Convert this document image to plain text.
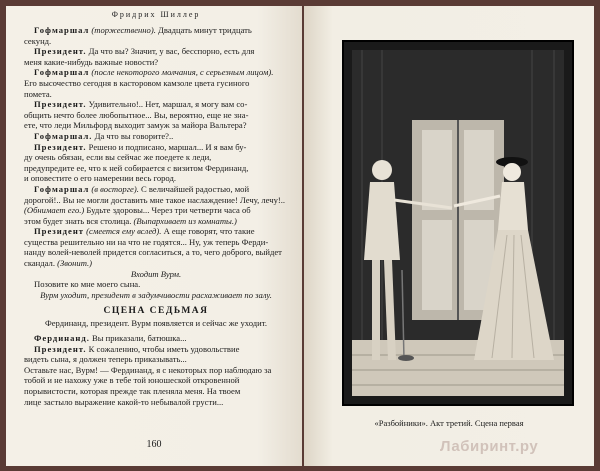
Фридрих Шиллер
Гофмаршал (торжественно). Двадцать минут тридцать
секунд.
Президент. Да что вы? Значит, у вас, бесспорно, есть для
меня какие-нибудь важные новости?
Гофмаршал (после некоторого молчания, с серьезным лицом).
Его высочество сегодня в касторовом камзоле цвета гусиного
помета.
Президент. Удивительно!.. Нет, маршал, я могу вам со-
общить нечто более любопытное... Вы, вероятно, еще не зна-
ете, что леди Мильфорд выходит замуж за майора Вальтера?
Гофмаршал. Да что вы говорите?..
Президент. Решено и подписано, маршал... И я вам бу-
ду очень обязан, если вы сейчас же поедете к леди,
предупредите ее, что к ней собирается с визитом Фердинанд,
и оповестите о его намерении весь город.
Гофмаршал (в восторге). С величайшей радостью, мой
дорогой!.. Вы не могли доставить мне такое наслаждение! Лечу, лечу!..
(Обнимает его.) Будьте здоровы... Через три четверти часа об
этом будет знать вся столица. (Выпархивает из комнаты.)
Президент (смеется ему вслед). А еще говорят, что такие
существа решительно ни на что не годятся... Ну, уж теперь Ферди-
нанду волей-неволей придется согласиться, а то, чего доброго, выйдет
скандал. (Звонит.)
Входит Вурм.
Позовите ко мне моего сына.
Вурм уходит, президент в задумчивости расхаживает по залу.
СЦЕНА СЕДЬМАЯ
Фердинанд, президент. Вурм появляется и сейчас же уходит.
Фердинанд. Вы приказали, батюшка...
Президент. К сожалению, чтобы иметь удовольствие
видеть сына, я должен теперь приказывать...
Оставьте нас, Вурм! — Фердинанд, я с некоторых пор наблюдаю за
тобой и не нахожу уже в тебе той юношеской откровенной
порывистости, которая прежде так пленяла меня. На твоем
лице застыло выражение какой-то небывалой грусти...
160
«Разбойники». Акт третий. Сцена первая
Лабиринт.ру
